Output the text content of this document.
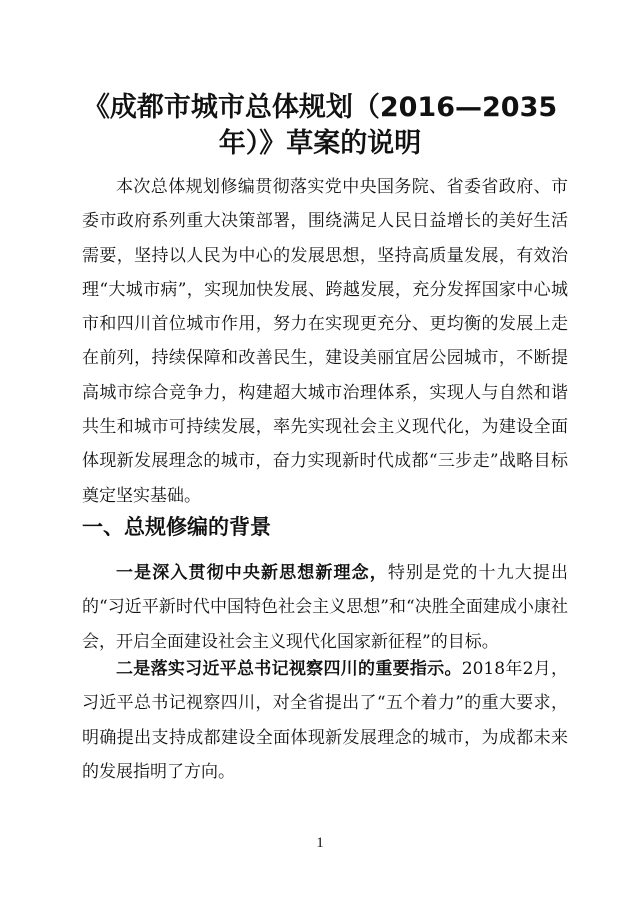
《成都市城市总体规划（2016—2035
年）》草案的说明

本次总体规划修编贯彻落实党中央国务院、省委省政府、市委市政府系列重大决策部署，围绕满足人民日益增长的美好生活需要，坚持以人民为中心的发展思想，坚持高质量发展，有效治理“大城市病”，实现加快发展、跨越发展，充分发挥国家中心城市和四川首位城市作用，努力在实现更充分、更均衡的发展上走在前列，持续保障和改善民生，建设美丽宜居公园城市，不断提高城市综合竞争力，构建超大城市治理体系，实现人与自然和谐共生和城市可持续发展，率先实现社会主义现代化，为建设全面体现新发展理念的城市，奋力实现新时代成都“三步走”战略目标奠定坚实基础。

一、总规修编的背景

一是深入贯彻中央新思想新理念，特别是党的十九大提出的“习近平新时代中国特色社会主义思想”和“决胜全面建成小康社会，开启全面建设社会主义现代化国家新征程”的目标。

二是落实习近平总书记视察四川的重要指示。2018年2月，习近平总书记视察四川，对全省提出了“五个着力”的重大要求，明确提出支持成都建设全面体现新发展理念的城市，为成都未来的发展指明了方向。

1
